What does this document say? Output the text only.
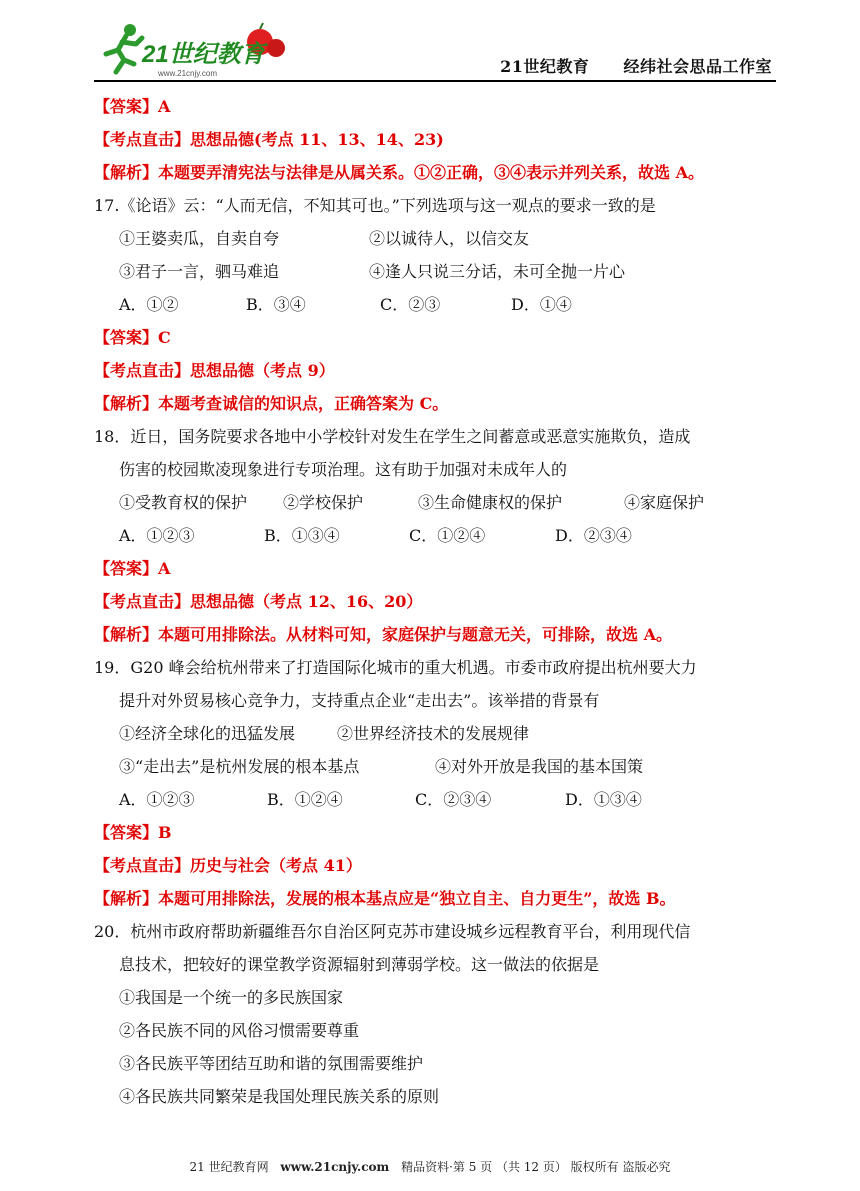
21世纪教育
www.21cnjy.com	21世纪教育 经纬社会思品工作室
【答案】A
【考点直击】思想品德(考点 11、13、14、23)
【解析】本题要弄清宪法与法律是从属关系。①②正确，③④表示并列关系，故选 A。
17.《论语》云：“人而无信，不知其可也。”下列选项与这一观点的要求一致的是
①王婆卖瓜，自卖自夸	②以诚待人，以信交友
③君子一言，驷马难追	④逢人只说三分话，未可全抛一片心
A．①②	B．③④	C．②③	D．①④
【答案】C
【考点直击】思想品德（考点 9）
【解析】本题考查诚信的知识点，正确答案为 C。
18．近日，国务院要求各地中小学校针对发生在学生之间蓄意或恶意实施欺负，造成
伤害的校园欺凌现象进行专项治理。这有助于加强对未成年人的
①受教育权的保护 ②学校保护	③生命健康权的保护	④家庭保护
A．①②③	B．①③④	C．①②④	D．②③④
【答案】A
【考点直击】思想品德（考点 12、16、20）
【解析】本题可用排除法。从材料可知，家庭保护与题意无关，可排除，故选 A。
19．G20 峰会给杭州带来了打造国际化城市的重大机遇。市委市政府提出杭州要大力
提升对外贸易核心竞争力，支持重点企业“走出去”。该举措的背景有
①经济全球化的迅猛发展	②世界经济技术的发展规律
③“走出去”是杭州发展的根本基点	④对外开放是我国的基本国策
A．①②③	B．①②④	C．②③④	D．①③④
【答案】B
【考点直击】历史与社会（考点 41）
【解析】本题可用排除法，发展的根本基点应是“独立自主、自力更生”，故选 B。
20．杭州市政府帮助新疆维吾尔自治区阿克苏市建设城乡远程教育平台，利用现代信
息技术，把较好的课堂教学资源辐射到薄弱学校。这一做法的依据是
①我国是一个统一的多民族国家
②各民族不同的风俗习惯需要尊重
③各民族平等团结互助和谐的氛围需要维护
④各民族共同繁荣是我国处理民族关系的原则
21 世纪教育网 www.21cnjy.com 精品资料·第 5 页 （共 12 页） 版权所有 盗版必究
